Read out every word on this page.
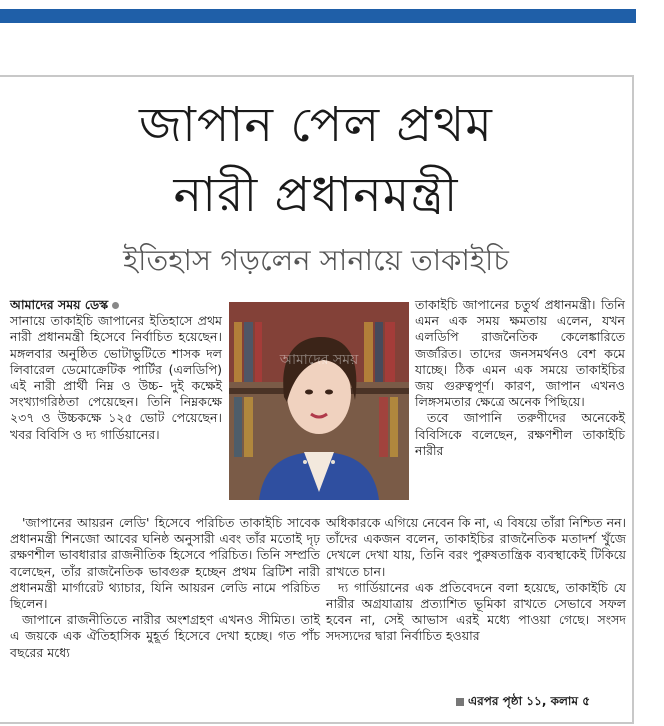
জাপান পেল প্রথম
নারী প্রধানমন্ত্রী
ইতিহাস গড়লেন সানায়ে তাকাইচি

আমাদের সময় ডেস্ক

সানায়ে তাকাইচি জাপানের ইতিহাসে প্রথম নারী প্রধানমন্ত্রী হিসেবে নির্বাচিত হয়েছেন। মঙ্গলবার অনুষ্ঠিত ভোটাভুটিতে শাসক দল লিবারেল ডেমোক্রেটিক পার্টির (এলডিপি) এই নারী প্রার্থী নিম্ন ও উচ্চ- দুই কক্ষেই সংখ্যাগরিষ্ঠতা পেয়েছেন। তিনি নিম্নকক্ষে ২৩৭ ও উচ্চকক্ষে ১২৫ ভোট পেয়েছেন। খবর বিবিসি ও দ্য গার্ডিয়ানের।

আমাদের সময়

তাকাইচি জাপানের চতুর্থ প্রধানমন্ত্রী। তিনি এমন এক সময় ক্ষমতায় এলেন, যখন এলডিপি রাজনৈতিক কেলেঙ্কারিতে জর্জরিত। তাদের জনসমর্থনও বেশ কমে যাচ্ছে। ঠিক এমন এক সময়ে তাকাইচির জয় গুরুত্বপূর্ণ। কারণ, জাপান এখনও লিঙ্গসমতার ক্ষেত্রে অনেক পিছিয়ে।

তবে জাপানি তরুণীদের অনেকেই বিবিসিকে বলেছেন, রক্ষণশীল তাকাইচি নারীর

'জাপানের আয়রন লেডি' হিসেবে পরিচিত তাকাইচি সাবেক প্রধানমন্ত্রী শিনজো আবের ঘনিষ্ঠ অনুসারী এবং তাঁর মতোই দৃঢ় রক্ষণশীল ভাবধারার রাজনীতিক হিসেবে পরিচিত। তিনি সম্প্রতি বলেছেন, তাঁর রাজনৈতিক ভাবগুরু হচ্ছেন প্রথম ব্রিটিশ নারী প্রধানমন্ত্রী মার্গারেট থ্যাচার, যিনি আয়রন লেডি নামে পরিচিত ছিলেন।

জাপানে রাজনীতিতে নারীর অংশগ্রহণ এখনও সীমিত। তাই এ জয়কে এক ঐতিহাসিক মুহূর্ত হিসেবে দেখা হচ্ছে। গত পাঁচ বছরের মধ্যে

অধিকারকে এগিয়ে নেবেন কি না, এ বিষয়ে তাঁরা নিশ্চিত নন। তাঁদের একজন বলেন, তাকাইচির রাজনৈতিক মতাদর্শ খুঁজে দেখলে দেখা যায়, তিনি বরং পুরুষতান্ত্রিক ব্যবস্থাকেই টিকিয়ে রাখতে চান।

দ্য গার্ডিয়ানের এক প্রতিবেদনে বলা হয়েছে, তাকাইচি যে নারীর অগ্রযাত্রায় প্রত্যাশিত ভূমিকা রাখতে সেভাবে সফল হবেন না, সেই আভাস এরই মধ্যে পাওয়া গেছে। সংসদ সদস্যদের দ্বারা নির্বাচিত হওয়ার

এরপর পৃষ্ঠা ১১, কলাম ৫
